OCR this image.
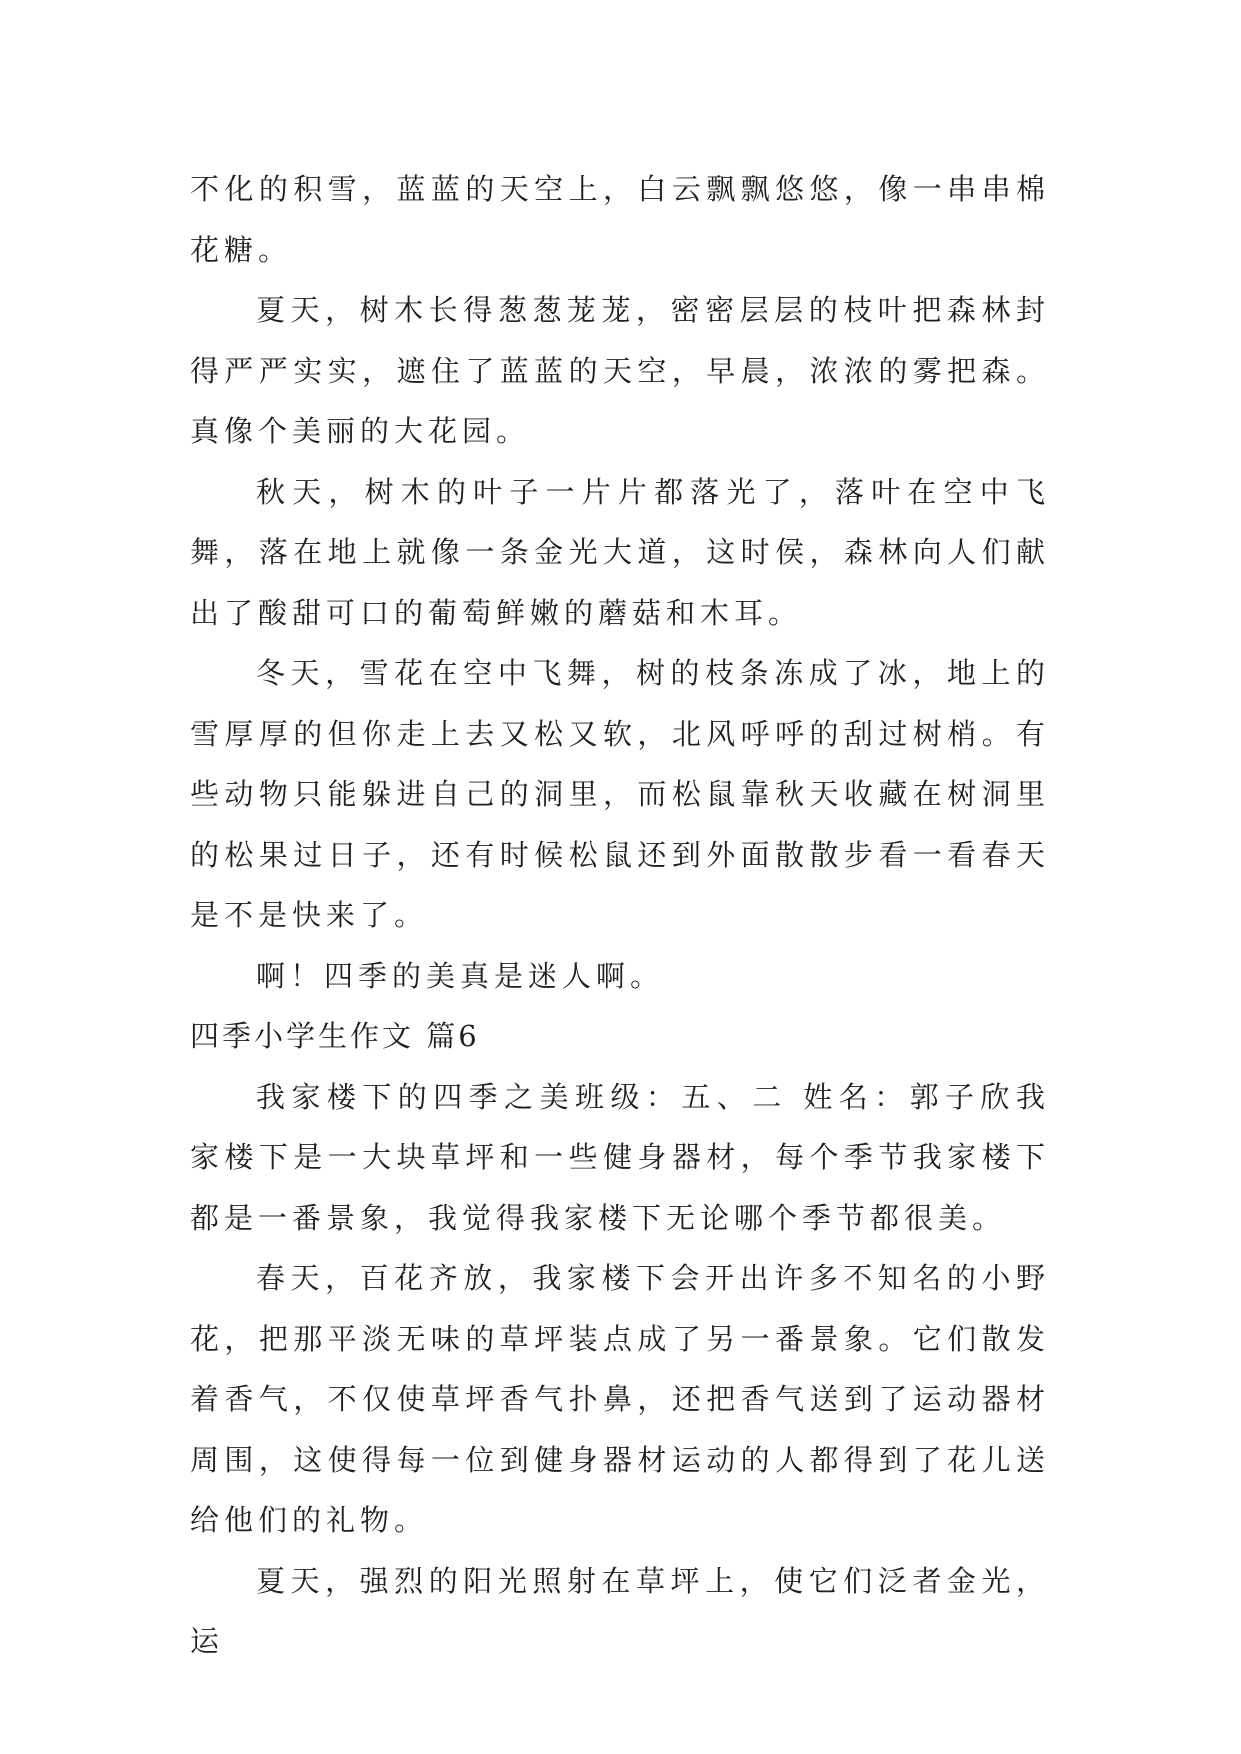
不化的积雪，蓝蓝的天空上，白云飘飘悠悠，像一串串棉花糖。

夏天，树木长得葱葱茏茏，密密层层的枝叶把森林封得严严实实，遮住了蓝蓝的天空，早晨，浓浓的雾把森。真像个美丽的大花园。

秋天，树木的叶子一片片都落光了，落叶在空中飞舞，落在地上就像一条金光大道，这时侯，森林向人们献出了酸甜可口的葡萄鲜嫩的蘑菇和木耳。

冬天，雪花在空中飞舞，树的枝条冻成了冰，地上的雪厚厚的但你走上去又松又软，北风呼呼的刮过树梢。有些动物只能躲进自己的洞里，而松鼠靠秋天收藏在树洞里的松果过日子，还有时候松鼠还到外面散散步看一看春天是不是快来了。

啊！四季的美真是迷人啊。

四季小学生作文 篇6

我家楼下的四季之美班级：五、二 姓名：郭子欣我家楼下是一大块草坪和一些健身器材，每个季节我家楼下都是一番景象，我觉得我家楼下无论哪个季节都很美。

春天，百花齐放，我家楼下会开出许多不知名的小野花，把那平淡无味的草坪装点成了另一番景象。它们散发着香气，不仅使草坪香气扑鼻，还把香气送到了运动器材周围，这使得每一位到健身器材运动的人都得到了花儿送给他们的礼物。

夏天，强烈的阳光照射在草坪上，使它们泛者金光，运
